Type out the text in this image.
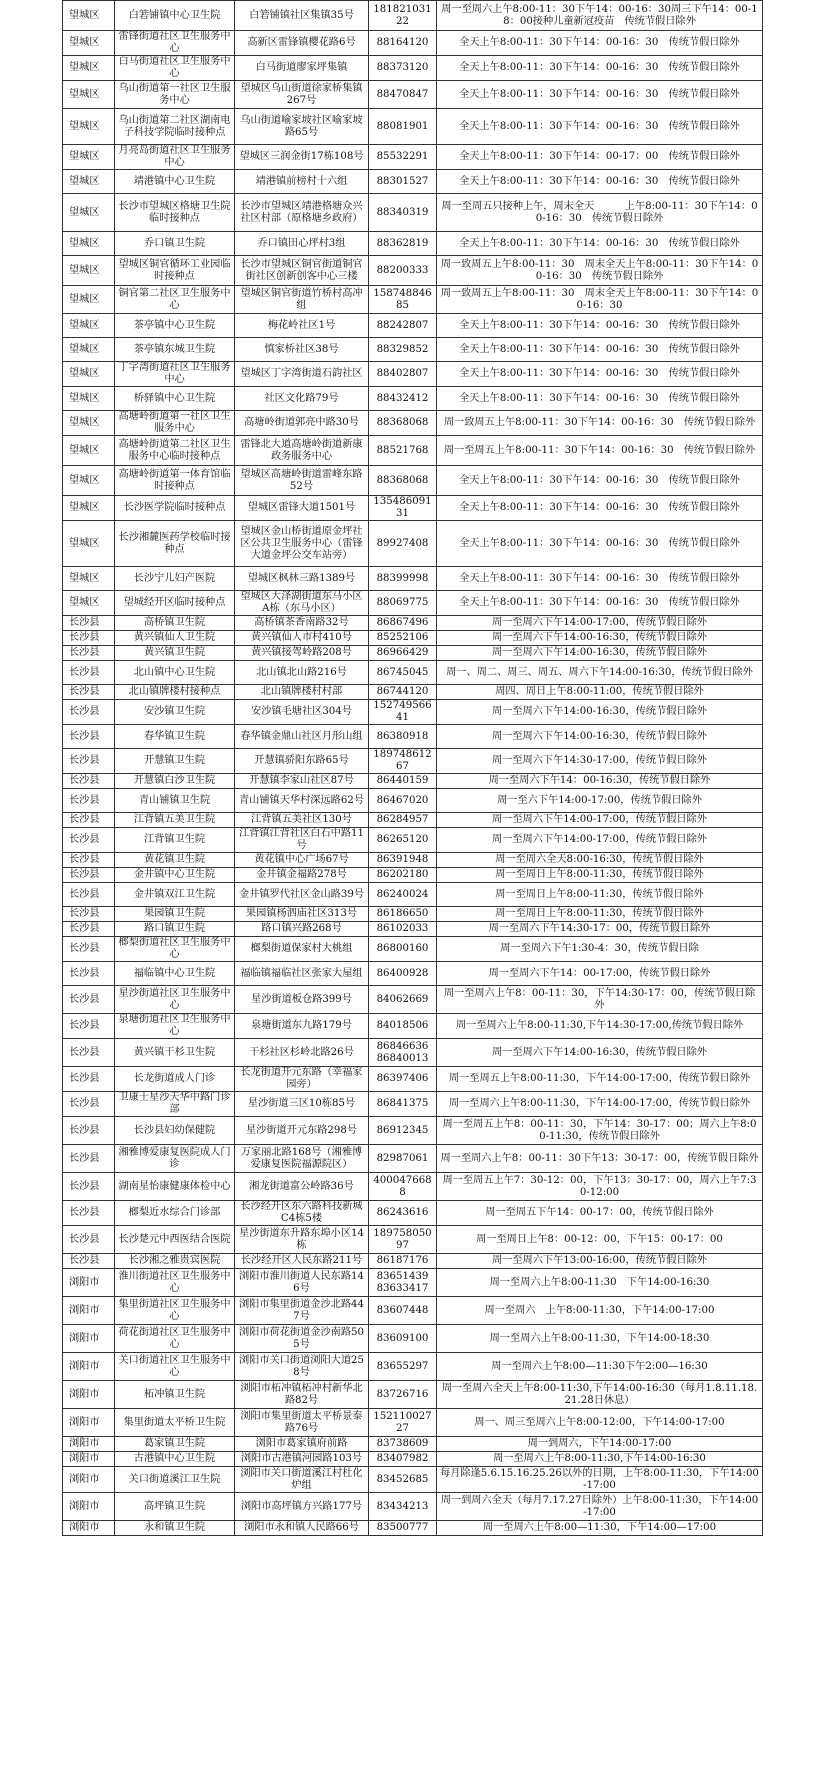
望城区	白箬铺镇中心卫生院	白箬铺镇社区集镇35号	18182103122	周一至周六上午8:00-11：30下午14：00-16：30周三下午14：00-18：00接种儿童新冠疫苗　传统节假日除外
望城区	雷锋街道社区卫生服务中心	高新区雷锋镇樱花路6号	88164120	全天上午8:00-11：30下午14：00-16：30　传统节假日除外
望城区	白马街道社区卫生服务中心	白马街道廖家坪集镇	88373120	全天上午8:00-11：30下午14：00-16：30　传统节假日除外
望城区	乌山街道第一社区卫生服务中心	望城区乌山街道徐家桥集镇267号	88470847	全天上午8:00-11：30下午14：00-16：30　传统节假日除外
望城区	乌山街道第二社区湖南电子科技学院临时接种点	乌山街道喻家坡社区喻家坡路65号	88081901	全天上午8:00-11：30下午14：00-16：30　传统节假日除外
望城区	月亮岛街道社区卫生服务中心	望城区三润金街17栋108号	85532291	全天上午8:00-11：30下午14：00-17：00　传统节假日除外
望城区	靖港镇中心卫生院	靖港镇前榜村十六组	88301527	全天上午8:00-11：30下午14：00-16：30　传统节假日除外
望城区	长沙市望城区格塘卫生院临时接种点	长沙市望城区靖港格塘众兴社区村部（原格塘乡政府）	88340319	周一至周五只接种上午，周末全天　　　上午8:00-11：30下午14：00-16：30　传统节假日除外
望城区	乔口镇卫生院	乔口镇田心坪村3组	88362819	全天上午8:00-11：30下午14：00-16：30　传统节假日除外
望城区	望城区铜官循环工业园临时接种点	长沙市望城区铜官街道铜官街社区创新创客中心三楼	88200333	周一致周五上午8:00-11：30　周末全天上午8:00-11：30下午14：00-16：30　传统节假日除外
望城区	铜官第二社区卫生服务中心	望城区铜官街道竹桥村高冲组	15874884685	周一致周五上午8:00-11：30　周末全天上午8:00-11：30下午14：00-16：30
望城区	茶亭镇中心卫生院	梅花岭社区1号	88242807	全天上午8:00-11：30下午14：00-16：30　传统节假日除外
望城区	茶亭镇东城卫生院	慎家桥社区38号	88329852	全天上午8:00-11：30下午14：00-16：30　传统节假日除外
望城区	丁字湾街道社区卫生服务中心	望城区丁字湾街道石韵社区	88402807	全天上午8:00-11：30下午14：00-16：30　传统节假日除外
望城区	桥驿镇中心卫生院	社区文化路79号	88432412	全天上午8:00-11：30下午14：00-16：30　传统节假日除外
望城区	高塘岭街道第一社区卫生服务中心	高塘岭街道郭亮中路30号	88368068	周一致周五上午8:00-11：30下午14：00-16：30　传统节假日除外
望城区	高塘岭街道第二社区卫生服务中心临时接种点	雷锋北大道高塘岭街道新康政务服务中心	88521768	周一至周五上午8:00-11：30下午14：00-16：30　传统节假日除外
望城区	高塘岭街道第一体育馆临时接种点	望城区高塘岭街道雷峰东路52号	88368068	全天上午8:00-11：30下午14：00-16：30　传统节假日除外
望城区	长沙医学院临时接种点	望城区雷锋大道1501号	13548609131	全天上午8:00-11：30下午14：00-16：30　传统节假日除外
望城区	长沙湘麓医药学校临时接种点	望城区金山桥街道原金坪社区公共卫生服务中心（雷锋大道金坪公交车站旁）	89927408	全天上午8:00-11：30下午14：00-16：30　传统节假日除外
望城区	长沙宁儿妇产医院	望城区枫林三路1389号	88399998	全天上午8:00-11：30下午14：00-16：30　传统节假日除外
望城区	望城经开区临时接种点	望城区大泽湖街道东马小区A栋（东马小区）	88069775	全天上午8:00-11：30下午14：00-16：30　传统节假日除外
长沙县	高桥镇卫生院	高桥镇茶香南路32号	86867496	周一至周六下午14:00-17:00，传统节假日除外
长沙县	黄兴镇仙人卫生院	黄兴镇仙人市村410号	85252106	周一至周六下午14:00-16:30，传统节假日除外
长沙县	黄兴镇卫生院	黄兴镇接驾岭路208号	86966429	周一至周六下午14:00-16:30，传统节假日除外
长沙县	北山镇中心卫生院	北山镇北山路216号	86745045	周一、周二、周三、周五、周六下午14:00-16:30，传统节假日除外
长沙县	北山镇牌楼村接种点	北山镇牌楼村村部	86744120	周四、周日上午8:00-11:00，传统节假日除外
长沙县	安沙镇卫生院	安沙镇毛塘社区304号	15274956641	周一至周六下午14:00-16:30，传统节假日除外
长沙县	春华镇卫生院	春华镇金鼎山社区月形山组	86380918	周一至周六下午14:00-16:30，传统节假日除外
长沙县	开慧镇卫生院	开慧镇骄阳东路65号	18974861267	周一至周六下午14:30-17:00，传统节假日除外
长沙县	开慧镇白沙卫生院	开慧镇李家山社区87号	86440159	周一至周六下午14：00-16:30，传统节假日除外
长沙县	青山铺镇卫生院	青山铺镇天华村深远路62号	86467020	周一至六下午14:00-17:00，传统节假日除外
长沙县	江背镇五美卫生院	江背镇五美社区130号	86284957	周一至周六下午14:00-17:00，传统节假日除外
长沙县	江背镇卫生院	江背镇江背社区白石中路11号	86265120	周一至周六下午14:00-17:00，传统节假日除外
长沙县	黄花镇卫生院	黄花镇中心广场67号	86391948	周一至周六全天8:00-16:30，传统节假日除外
长沙县	金井镇中心卫生院	金井镇金福路278号	86202180	周一至周日上午8:00-11:30，传统节假日除外
长沙县	金井镇双江卫生院	金井镇罗代社区金山路39号	86240024	周一至周日上午8:00-11:30，传统节假日除外
长沙县	果园镇卫生院	果园镇杨泗庙社区313号	86186650	周一至周日上午8:00-11:30，传统节假日除外
长沙县	路口镇卫生院	路口镇兴路268号	86102033	周一至周六下午14:30-17：00，传统节假日除外
长沙县	榔梨街道社区卫生服务中心	榔梨街道保家村大桃组	86800160	周一至周六下午1:30-4：30，传统节假日除
长沙县	福临镇中心卫生院	福临镇福临社区张家大屋组	86400928	周一至周六下午14：00-17:00，传统节假日除外
长沙县	星沙街道社区卫生服务中心	星沙街道板仓路399号	84062669	周一至周六上午8：00-11：30，下午14:30-17：00，传统节假日除外
长沙县	泉塘街道社区卫生服务中心	泉塘街道东九路179号	84018506	周一至周六上午8:00-11:30,下午14:30-17:00,传统节假日除外
长沙县	黄兴镇干杉卫生院	干杉社区杉岭北路26号	86846636 86840013	周一至周六下午14:00-16:30，传统节假日除外
长沙县	长龙街道成人门诊	长龙街道开元东路（幸福家园旁）	86397406	周一至周五上午8:00-11:30，下午14:00-17:00，传统节假日除外
长沙县	卫康士星沙天华中路门诊部	星沙街道三区10栋85号	86841375	周一至周六上午8:00-11:30，下午14:00-17:00，传统节假日除外
长沙县	长沙县妇幼保健院	星沙街道开元东路298号	86912345	周一至周五上午8：00-11：30，下午14：30-17：00；周六上午8:00-11:30，传统节假日除外
长沙县	湘雅博爱康复医院成人门诊	万家丽北路168号（湘雅博爱康复医院福源院区）	82987061	周一至周六上午8：00-11：30下午13：30-17：00，传统节假日除外
长沙县	湖南星怡康健康体检中心	湘龙街道富公岭路36号	4000476688	周一至周五上午7：30-12：00，下午13：30-17：00，周六上午7:30-12:00
长沙县	榔梨近水综合门诊部	长沙经开区东六路科技新城C4栋5楼	86243616	周一至周五下午14：00-17：00，传统节假日除外
长沙县	长沙楚元中西医结合医院	星沙街道东升路东埠小区14栋	18975805097	周一至周日上午8：00-12：00，下午15：00-17：00
长沙县	长沙湘之雅贵宾医院	长沙经开区人民东路211号	86187176	周一至周六下午13:00-16:00，传统节假日除外
浏阳市	淮川街道社区卫生服务中心	浏阳市淮川街道人民东路146号	83651439 83633417	周一至周六上午8:00-11:30　下午14:00-16:30
浏阳市	集里街道社区卫生服务中心	浏阳市集里街道金沙北路447号	83607448	周一至周六　上午8:00-11:30，下午14:00-17:00
浏阳市	荷花街道社区卫生服务中心	浏阳市荷花街道金沙南路505号	83609100	周一至周六上午8:00-11:30，下午14:00-18:30
浏阳市	关口街道社区卫生服务中心	浏阳市关口街道浏阳大道258号	83655297	周一至周六上午8:00—11:30下午2:00—16:30
浏阳市	柘冲镇卫生院	浏阳市柘冲镇柘冲村新华北路82号	83726716	周一至周六全天上午8:00-11:30,下午14:00-16:30（每月1.8.11.18.21.28日休息）
浏阳市	集里街道太平桥卫生院	浏阳市集里街道太平桥景泰路76号	15211002727	周一、周三至周六上午8:00-12:00，下午14:00-17:00
浏阳市	葛家镇卫生院	浏阳市葛家镇府前路	83738609	周一到周六，下午14:00-17:00
浏阳市	古港镇中心卫生院	浏阳市古港镇河园路103号	83407982	周一至周六上午8:00-11:30,下午14:00-16:30
浏阳市	关口街道溪江卫生院	浏阳市关口街道溪江村杜化炉组	83452685	每月除逢5.6.15.16.25.26以外的日期，上午8:00-11:30，下午14:00-17:00
浏阳市	高坪镇卫生院	浏阳市高坪镇方兴路177号	83434213	周一到周六全天（每月7.17.27日除外）上午8:00-11:30，下午14:00-17:00
浏阳市	永和镇卫生院	浏阳市永和镇人民路66号	83500777	周一至周六上午8:00—11:30，下午14:00—17:00
